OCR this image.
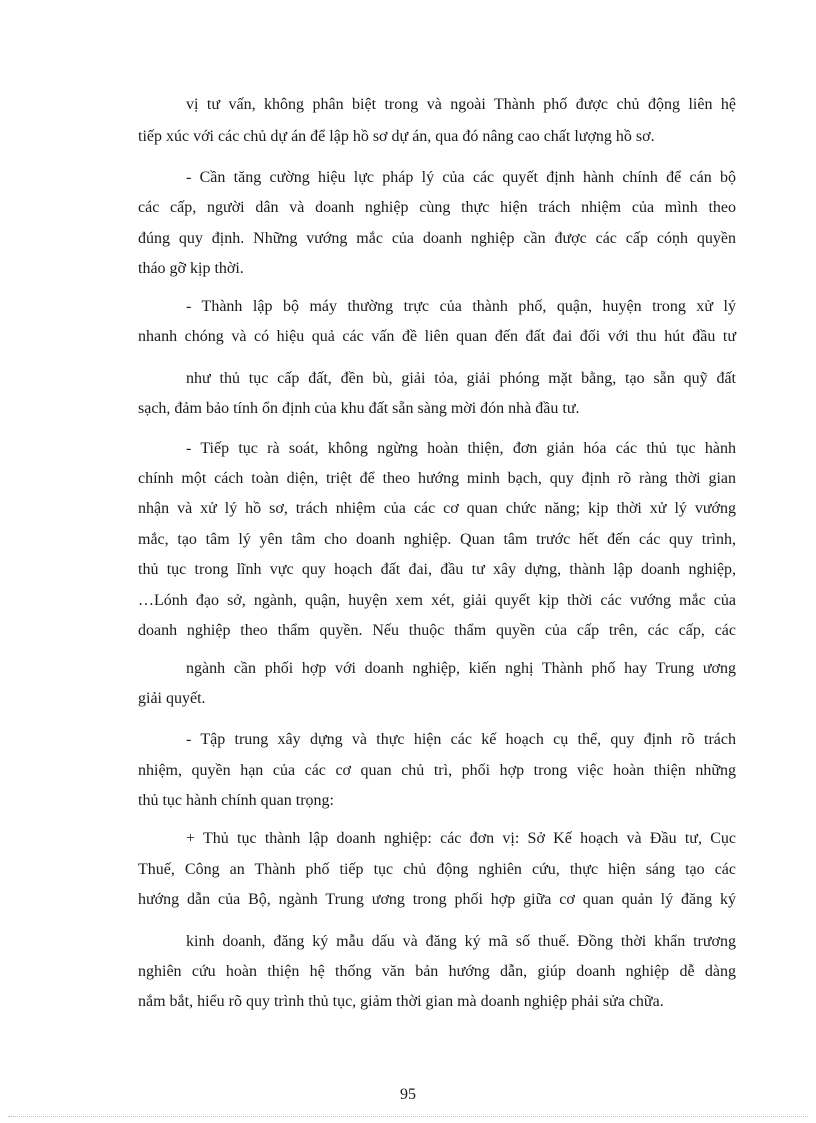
vị tư vấn, không phân biệt trong và ngoài Thành phố được chủ động liên hệ
tiếp xúc với các chủ dự án để lập hồ sơ dự án, qua đó nâng cao chất lượng hồ sơ.
- Cần tăng cường hiệu lực pháp lý của các quyết định hành chính để cán bộ
các cấp, người dân và doanh nghiệp cùng thực hiện trách nhiệm của mình theo
đúng quy định. Những vướng mắc của doanh nghiệp cần được các cấp cóṇh quyền
tháo gỡ kịp thời.
- Thành lập bộ máy thường trực của thành phố, quận, huyện trong xử lý
nhanh chóng và có hiệu quả các vấn đề liên quan đến đất đai đối với thu hút đầu tư
như thủ tục cấp đất, đền bù, giải tỏa, giải phóng mặt bằng, tạo sẵn quỹ đất
sạch, đảm bảo tính ổn định của khu đất sẵn sàng mời đón nhà đầu tư.
- Tiếp tục rà soát, không ngừng hoàn thiện, đơn giản hóa các thủ tục hành
chính một cách toàn diện, triệt để theo hướng minh bạch, quy định rõ ràng thời gian
nhận và xử lý hồ sơ, trách nhiệm của các cơ quan chức năng; kịp thời xử lý vướng
mắc, tạo tâm lý yên tâm cho doanh nghiệp. Quan tâm trước hết đến các quy trình,
thủ tục trong lĩnh vực quy hoạch đất đai, đầu tư xây dựng, thành lập doanh nghiệp,
…Lónh đạo sở, ngành, quận, huyện xem xét, giải quyết kịp thời các vướng mắc của
doanh nghiệp theo thẩm quyền. Nếu thuộc thẩm quyền của cấp trên, các cấp, các
ngành cần phối hợp với doanh nghiệp, kiến nghị Thành phố hay Trung ương
giải quyết.
- Tập trung xây dựng và thực hiện các kế hoạch cụ thể, quy định rõ trách
nhiệm, quyền hạn của các cơ quan chủ trì, phối hợp trong việc hoàn thiện những
thủ tục hành chính quan trọng:
+ Thủ tục thành lập doanh nghiệp: các đơn vị: Sở Kế hoạch và Đầu tư, Cục
Thuế, Công an Thành phố tiếp tục chủ động nghiên cứu, thực hiện sáng tạo các
hướng dẫn của Bộ, ngành Trung ương trong phối hợp giữa cơ quan quản lý đăng ký
kinh doanh, đăng ký mẫu dấu và đăng ký mã số thuế. Đồng thời khẩn trương
nghiên cứu hoàn thiện hệ thống văn bản hướng dẫn, giúp doanh nghiệp dễ dàng
nắm bắt, hiểu rõ quy trình thủ tục, giảm thời gian mà doanh nghiệp phải sửa chữa.
95
